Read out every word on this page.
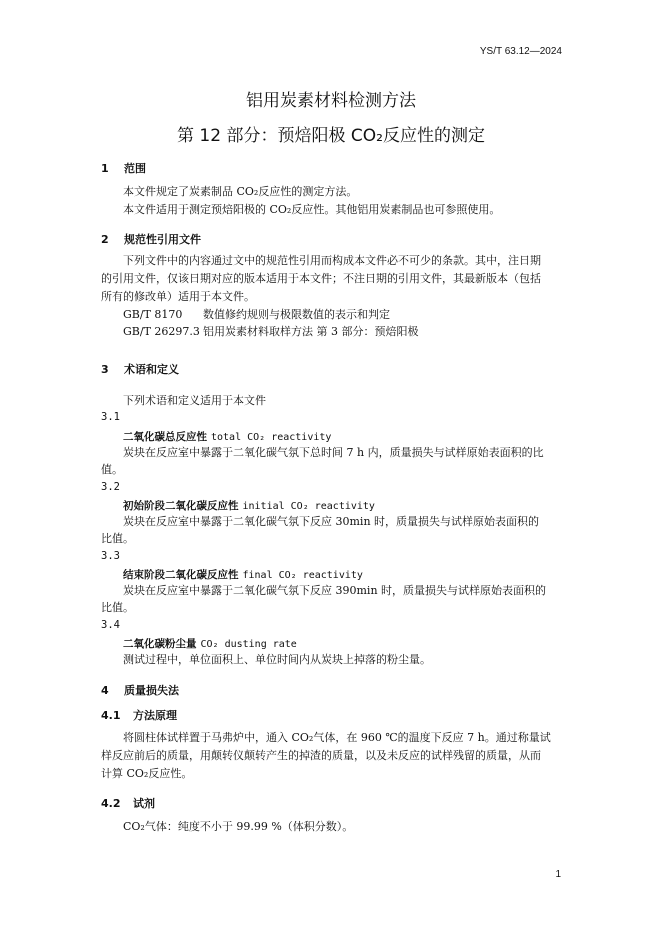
YS/T 63.12—2024
铝用炭素材料检测方法
第 12 部分：预焙阳极 CO₂反应性的测定
1 范围
本文件规定了炭素制品 CO₂反应性的测定方法。
本文件适用于测定预焙阳极的 CO₂反应性。其他铝用炭素制品也可参照使用。
2 规范性引用文件
下列文件中的内容通过文中的规范性引用而构成本文件必不可少的条款。其中，注日期
的引用文件，仅该日期对应的版本适用于本文件；不注日期的引用文件，其最新版本（包括
所有的修改单）适用于本文件。
GB/T 8170 数值修约规则与极限数值的表示和判定
GB/T 26297.3 铝用炭素材料取样方法 第 3 部分：预焙阳极
3 术语和定义
下列术语和定义适用于本文件
3.1
二氧化碳总反应性 total CO₂ reactivity
炭块在反应室中暴露于二氧化碳气氛下总时间 7 h 内，质量损失与试样原始表面积的比
值。
3.2
初始阶段二氧化碳反应性 initial CO₂ reactivity
炭块在反应室中暴露于二氧化碳气氛下反应 30min 时，质量损失与试样原始表面积的
比值。
3.3
结束阶段二氧化碳反应性 final CO₂ reactivity
炭块在反应室中暴露于二氧化碳气氛下反应 390min 时，质量损失与试样原始表面积的
比值。
3.4
二氧化碳粉尘量 CO₂ dusting rate
测试过程中，单位面积上、单位时间内从炭块上掉落的粉尘量。
4 质量损失法
4.1 方法原理
将圆柱体试样置于马弗炉中，通入 CO₂气体，在 960 ℃的温度下反应 7 h。通过称量试
样反应前后的质量，用颠转仪颠转产生的掉渣的质量，以及未反应的试样残留的质量，从而
计算 CO₂反应性。
4.2 试剂
CO₂气体：纯度不小于 99.99 %（体积分数）。
1
